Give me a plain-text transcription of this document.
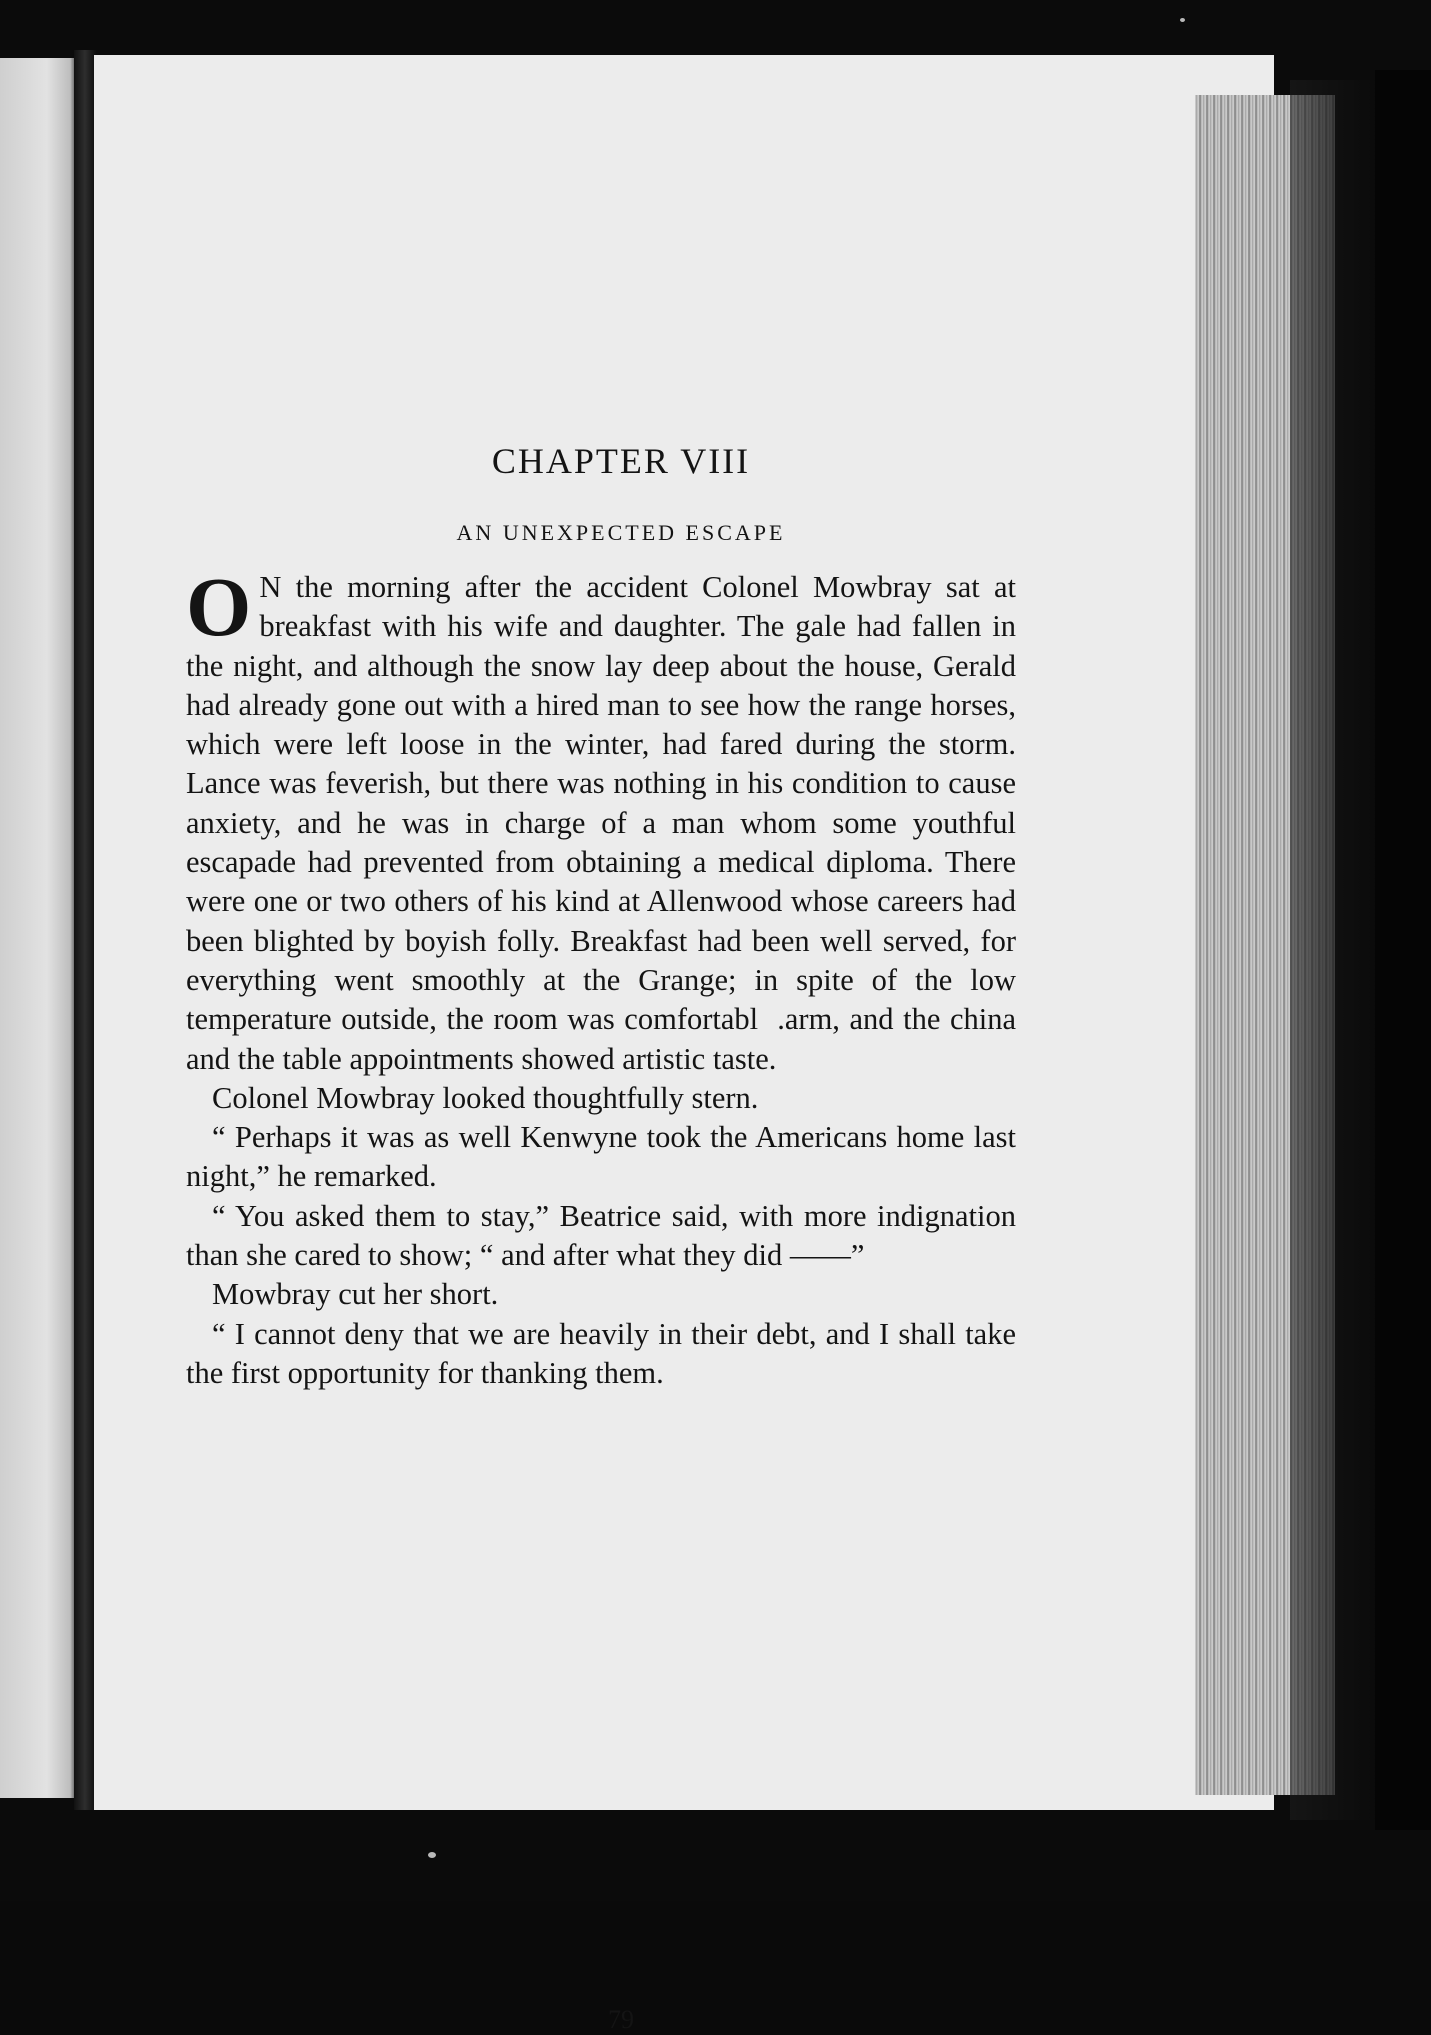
CHAPTER VIII
AN UNEXPECTED ESCAPE

O N the morning after the accident Colonel Mowbray sat at breakfast with his wife and daughter. The gale had fallen in the night, and although the snow lay deep about the house, Gerald had already gone out with a hired man to see how the range horses, which were left loose in the winter, had fared during the storm. Lance was feverish, but there was nothing in his condition to cause anxiety, and he was in charge of a man whom some youthful escapade had prevented from obtaining a medical diploma. There were one or two others of his kind at Allenwood whose careers had been blighted by boyish folly. Breakfast had been well served, for everything went smoothly at the Grange; in spite of the low temperature outside, the room was comfortabl  .arm, and the china and the table appointments showed artistic taste.

Colonel Mowbray looked thoughtfully stern.

“ Perhaps it was as well Kenwyne took the Americans home last night,” he remarked.

“ You asked them to stay,” Beatrice said, with more indignation than she cared to show; “ and after what they did ——”

Mowbray cut her short.

“ I cannot deny that we are heavily in their debt, and I shall take the first opportunity for thanking them.

79
